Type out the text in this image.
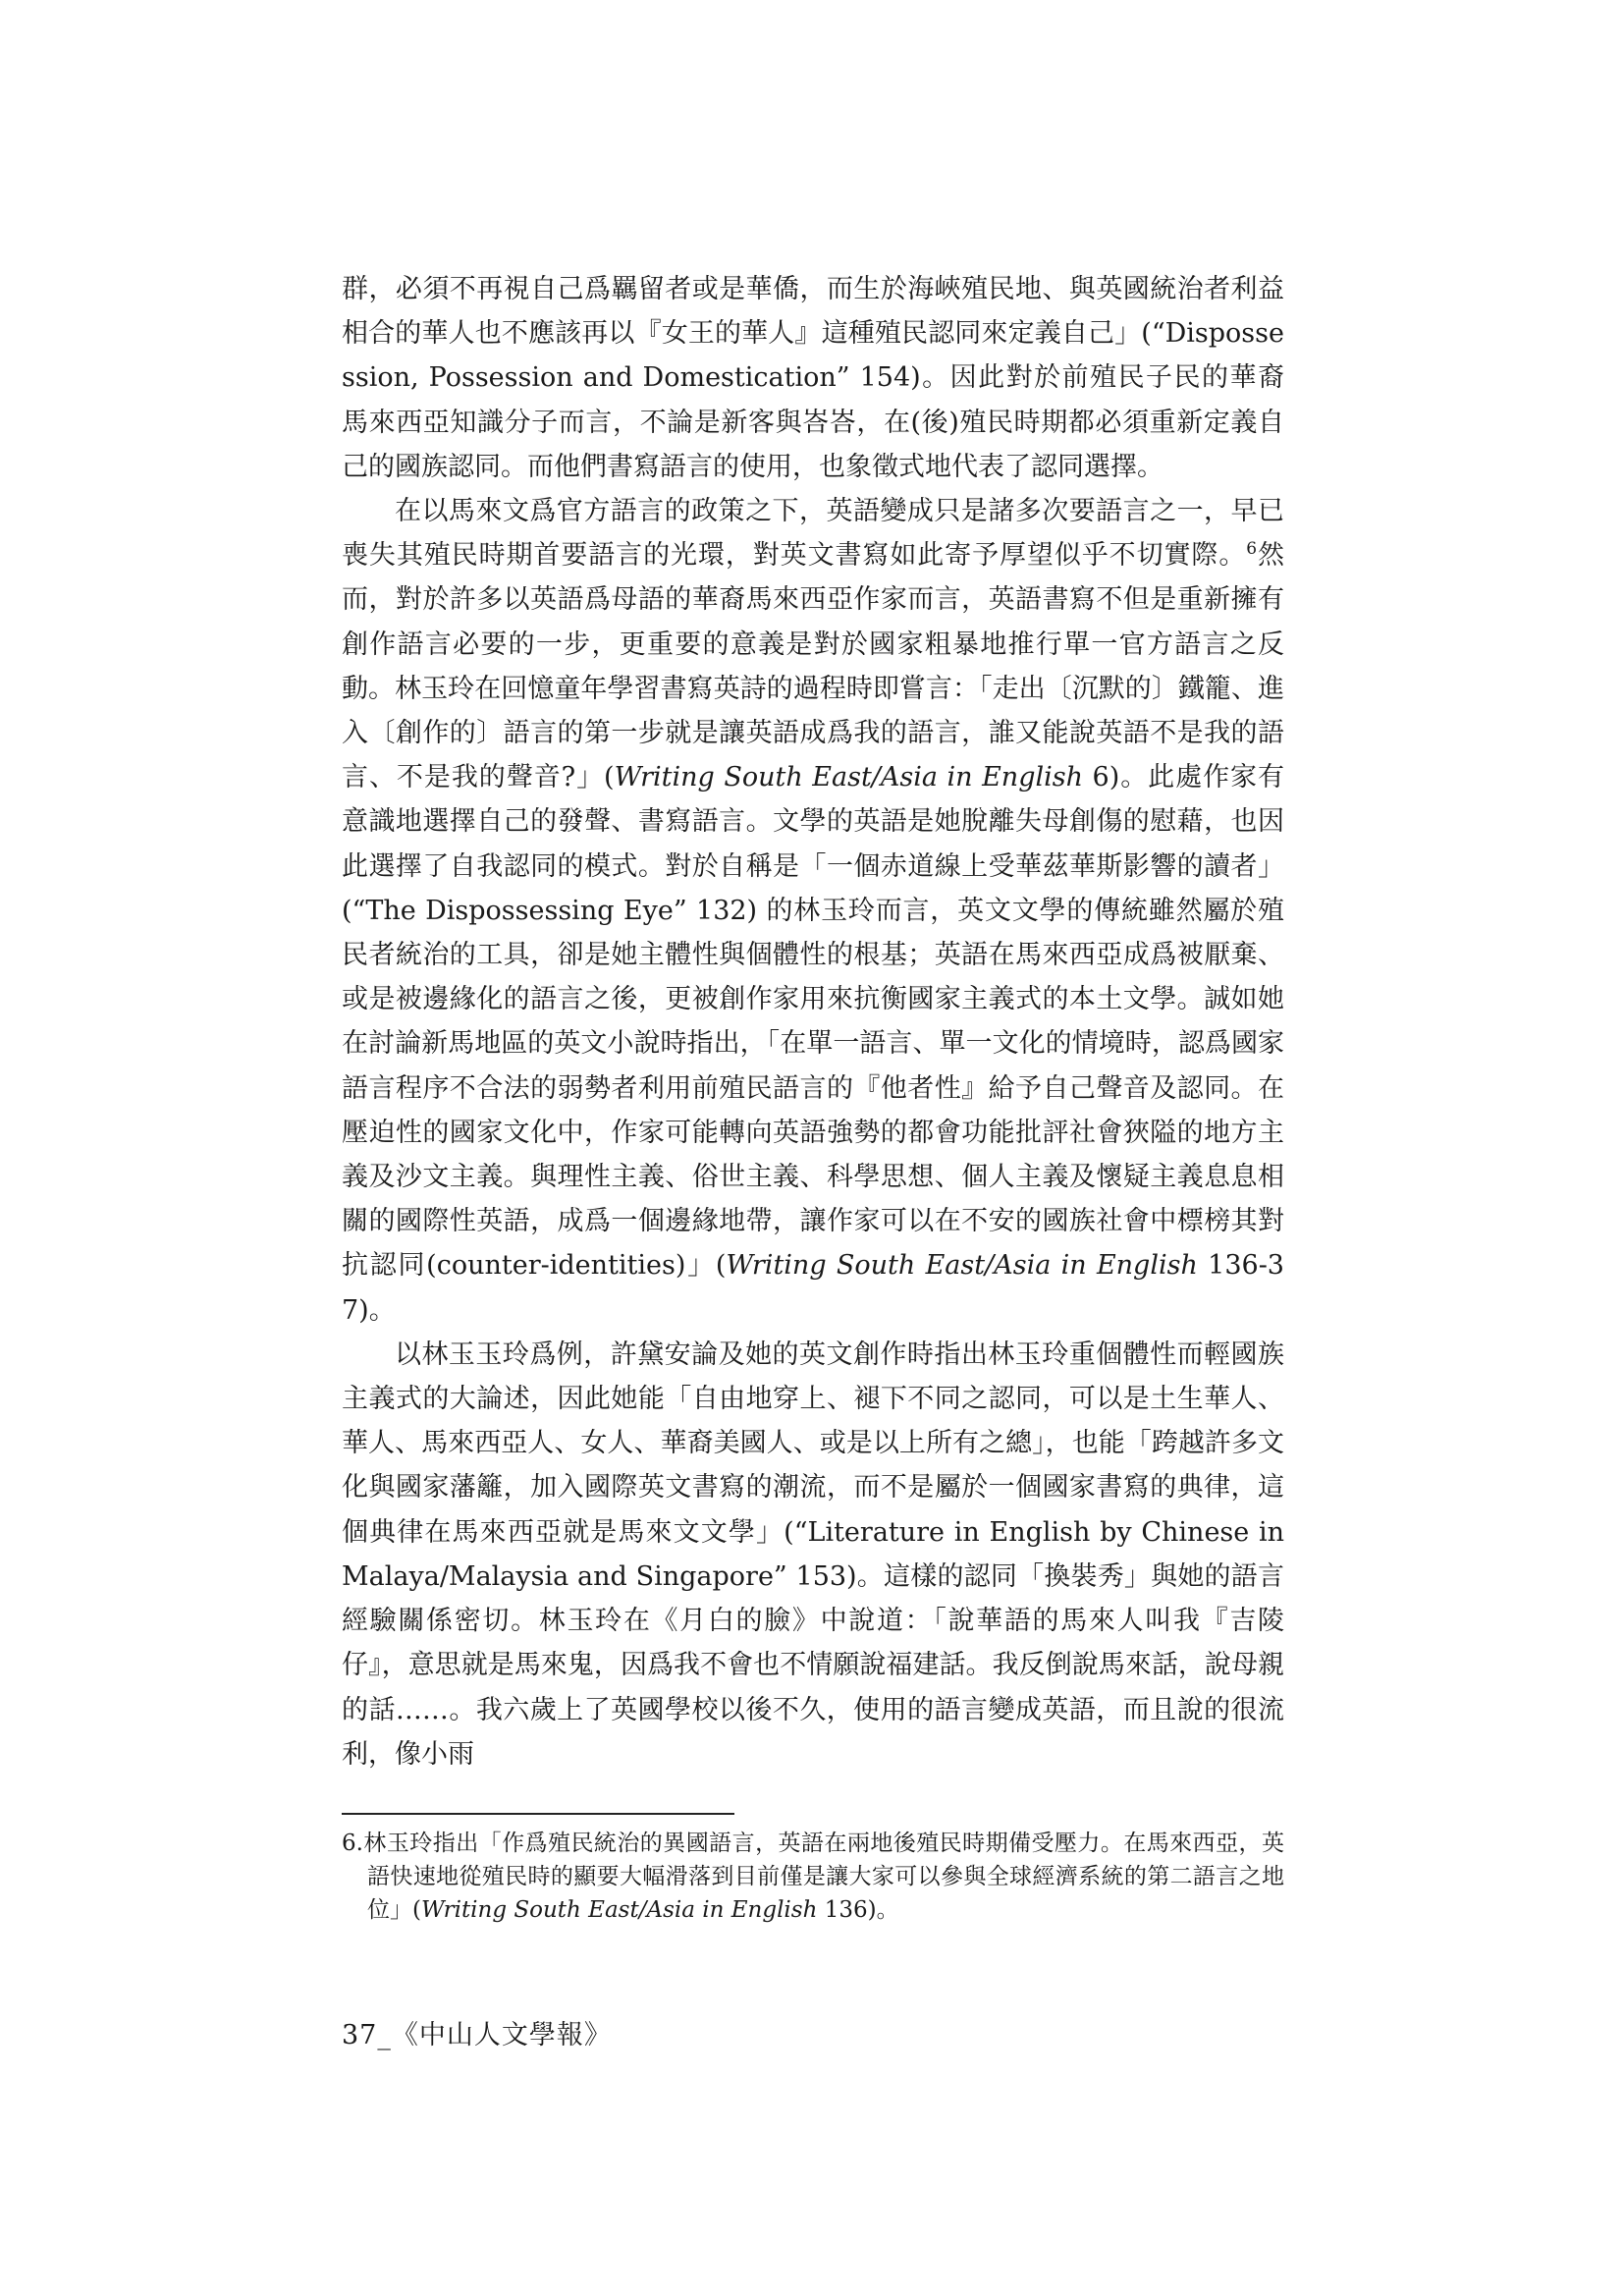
群，必須不再視自己爲羈留者或是華僑，而生於海峽殖民地、與英國統治者利益相合的華人也不應該再以『女王的華人』這種殖民認同來定義自己」(“Dispossession, Possession and Domestication” 154)。因此對於前殖民子民的華裔馬來西亞知識分子而言，不論是新客與峇峇，在(後)殖民時期都必須重新定義自己的國族認同。而他們書寫語言的使用，也象徵式地代表了認同選擇。

在以馬來文爲官方語言的政策之下，英語變成只是諸多次要語言之一，早已喪失其殖民時期首要語言的光環，對英文書寫如此寄予厚望似乎不切實際。$^6$然而，對於許多以英語爲母語的華裔馬來西亞作家而言，英語書寫不但是重新擁有創作語言必要的一步，更重要的意義是對於國家粗暴地推行單一官方語言之反動。林玉玲在回憶童年學習書寫英詩的過程時即嘗言：「走出〔沉默的〕鐵籠、進入〔創作的〕語言的第一步就是讓英語成爲我的語言，誰又能說英語不是我的語言、不是我的聲音?」(Writing South East/Asia in English 6)。此處作家有意識地選擇自己的發聲、書寫語言。文學的英語是她脫離失母創傷的慰藉，也因此選擇了自我認同的模式。對於自稱是「一個赤道線上受華茲華斯影響的讀者」(“The Dispossessing Eye” 132) 的林玉玲而言，英文文學的傳統雖然屬於殖民者統治的工具，卻是她主體性與個體性的根基；英語在馬來西亞成爲被厭棄、或是被邊緣化的語言之後，更被創作家用來抗衡國家主義式的本土文學。誠如她在討論新馬地區的英文小說時指出，「在單一語言、單一文化的情境時，認爲國家語言程序不合法的弱勢者利用前殖民語言的『他者性』給予自己聲音及認同。在壓迫性的國家文化中，作家可能轉向英語強勢的都會功能批評社會狹隘的地方主義及沙文主義。與理性主義、俗世主義、科學思想、個人主義及懷疑主義息息相關的國際性英語，成爲一個邊緣地帶，讓作家可以在不安的國族社會中標榜其對抗認同(counter-identities)」(Writing South East/Asia in English 136-37)。

以林玉玉玲爲例，許黛安論及她的英文創作時指出林玉玲重個體性而輕國族主義式的大論述，因此她能「自由地穿上、褪下不同之認同，可以是土生華人、華人、馬來西亞人、女人、華裔美國人、或是以上所有之總」，也能「跨越許多文化與國家藩籬，加入國際英文書寫的潮流，而不是屬於一個國家書寫的典律，這個典律在馬來西亞就是馬來文文學」(“Literature in English by Chinese in Malaya/Malaysia and Singapore” 153)。這樣的認同「換裝秀」與她的語言經驗關係密切。林玉玲在《月白的臉》中說道：「說華語的馬來人叫我『吉陵仔』，意思就是馬來鬼，因爲我不會也不情願說福建話。我反倒說馬來話，說母親的話……。我六歲上了英國學校以後不久，使用的語言變成英語，而且說的很流利，像小雨

6.林玉玲指出「作爲殖民統治的異國語言，英語在兩地後殖民時期備受壓力。在馬來西亞，英語快速地從殖民時的顯要大幅滑落到目前僅是讓大家可以參與全球經濟系統的第二語言之地位」(Writing South East/Asia in English 136)。

37_《中山人文學報》
